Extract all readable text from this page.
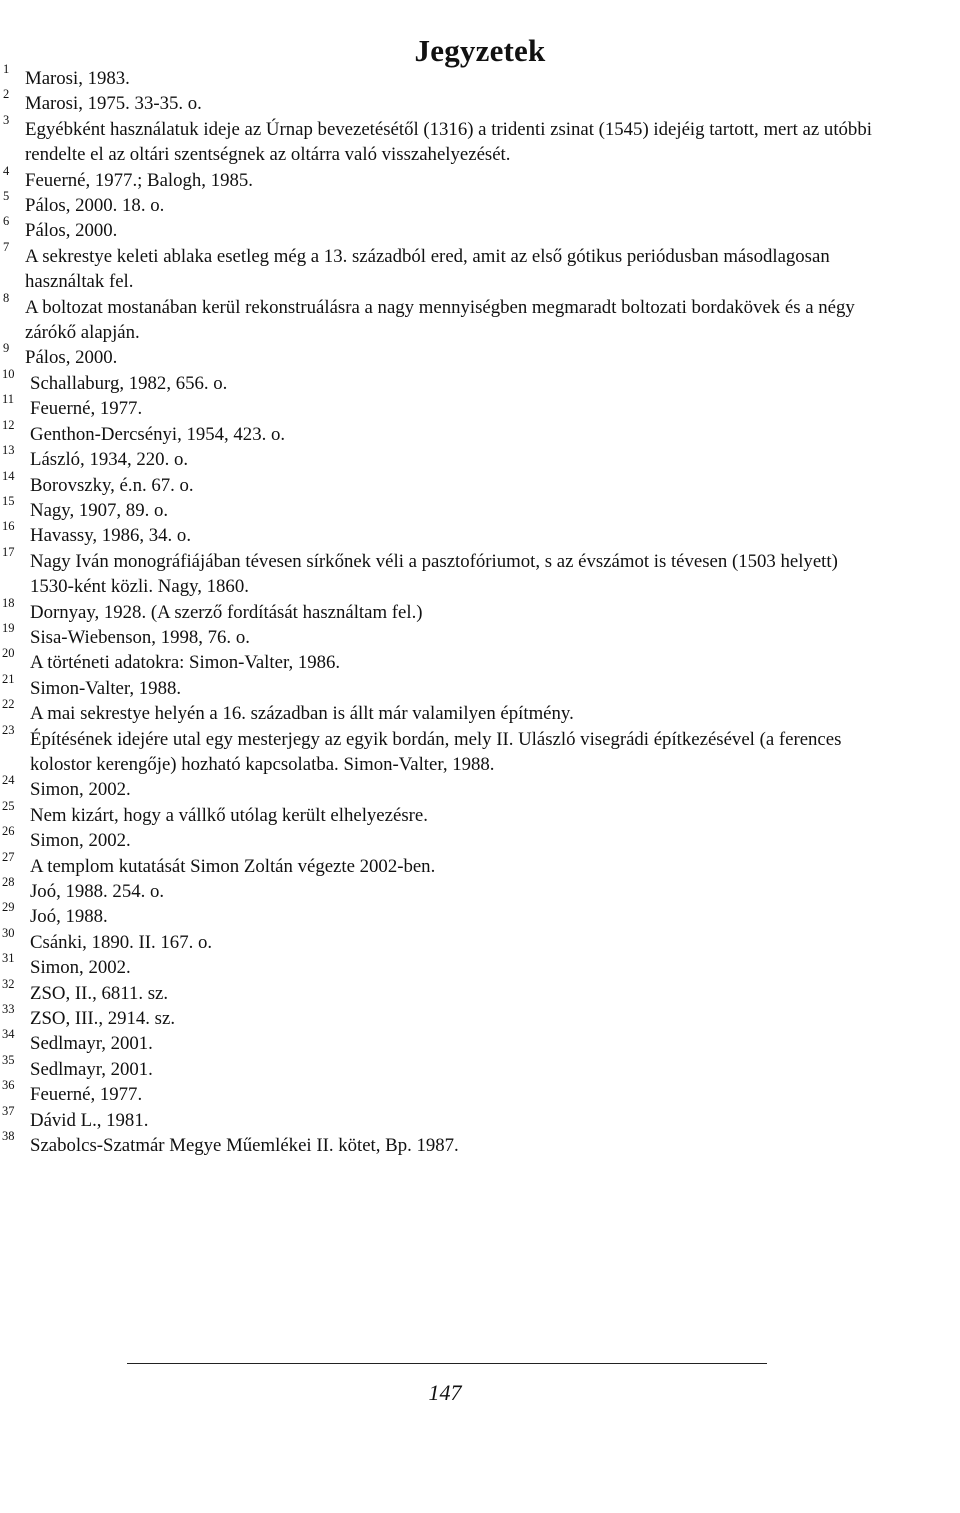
Jegyzetek
1 Marosi, 1983.
2 Marosi, 1975. 33-35. o.
3 Egyébként használatuk ideje az Úrnap bevezetésétől (1316) a tridenti zsinat (1545) idejéig tartott, mert az utóbbi rendelte el az oltári szentségnek az oltárra való visszahelyezését.
4 Feuerné, 1977.; Balogh, 1985.
5 Pálos, 2000. 18. o.
6 Pálos, 2000.
7 A sekrestye keleti ablaka esetleg még a 13. századból ered, amit az első gótikus periódusban másodlagosan használtak fel.
8 A boltozat mostanában kerül rekonstruálásra a nagy mennyiségben megmaradt boltozati bordakövek és a négy zárókő alapján.
9 Pálos, 2000.
10 Schallaburg, 1982, 656. o.
11 Feuerné, 1977.
12 Genthon-Dercsényi, 1954, 423. o.
13 László, 1934, 220. o.
14 Borovszky, é.n. 67. o.
15 Nagy, 1907, 89. o.
16 Havassy, 1986, 34. o.
17 Nagy Iván monográfiájában tévesen sírkőnek véli a pasztofóriumot, s az évszámot is tévesen (1503 helyett) 1530-ként közli. Nagy, 1860.
18 Dornyay, 1928. (A szerző fordítását használtam fel.)
19 Sisa-Wiebenson, 1998, 76. o.
20 A történeti adatokra: Simon-Valter, 1986.
21 Simon-Valter, 1988.
22 A mai sekrestye helyén a 16. században is állt már valamilyen építmény.
23 Építésének idejére utal egy mesterjegy az egyik bordán, mely II. Ulászló visegrádi építkezésével (a ferences kolostor kerengője) hozható kapcsolatba. Simon-Valter, 1988.
24 Simon, 2002.
25 Nem kizárt, hogy a vállkő utólag került elhelyezésre.
26 Simon, 2002.
27 A templom kutatását Simon Zoltán végezte 2002-ben.
28 Joó, 1988. 254. o.
29 Joó, 1988.
30 Csánki, 1890. II. 167. o.
31 Simon, 2002.
32 ZSO, II., 6811. sz.
33 ZSO, III., 2914. sz.
34 Sedlmayr, 2001.
35 Sedlmayr, 2001.
36 Feuerné, 1977.
37 Dávid L., 1981.
38 Szabolcs-Szatmár Megye Műemlékei II. kötet, Bp. 1987.
147
